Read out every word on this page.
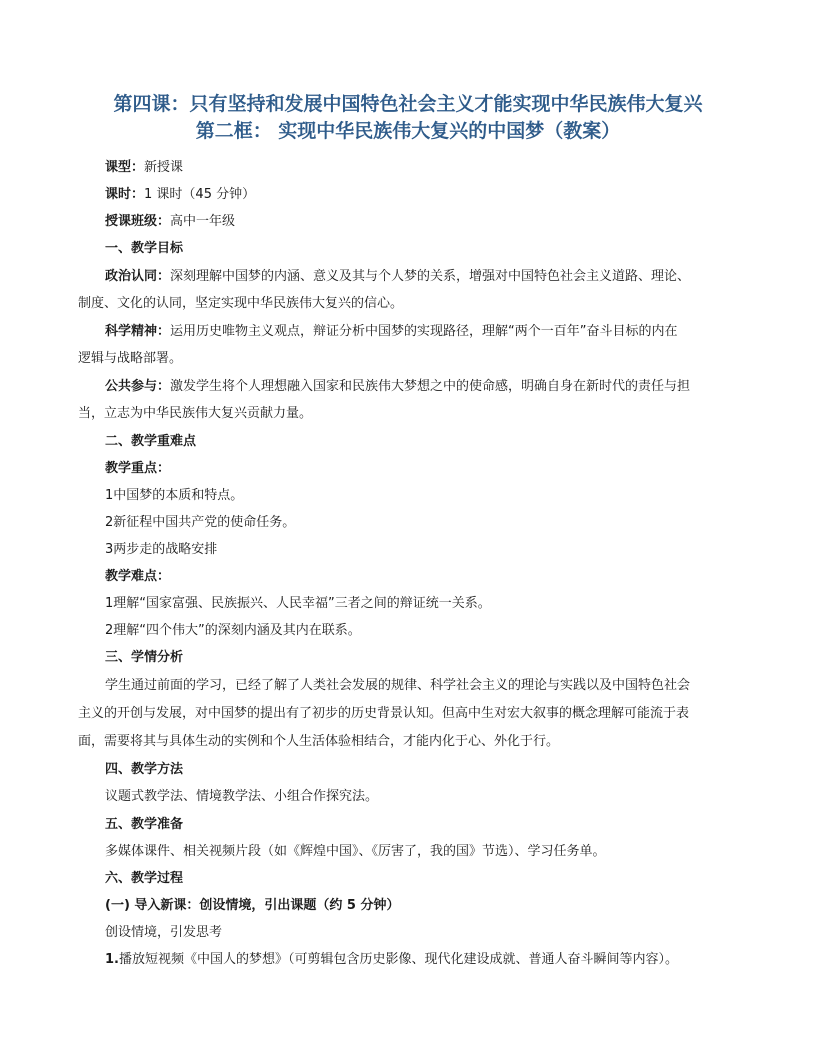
第四课：只有坚持和发展中国特色社会主义才能实现中华民族伟大复兴
第二框： 实现中华民族伟大复兴的中国梦（教案）
课型：新授课
课时：1 课时（45 分钟）
授课班级：高中一年级
一、教学目标
政治认同：深刻理解中国梦的内涵、意义及其与个人梦的关系，增强对中国特色社会主义道路、理论、
制度、文化的认同，坚定实现中华民族伟大复兴的信心。
科学精神：运用历史唯物主义观点，辩证分析中国梦的实现路径，理解“两个一百年”奋斗目标的内在
逻辑与战略部署。
公共参与：激发学生将个人理想融入国家和民族伟大梦想之中的使命感，明确自身在新时代的责任与担
当，立志为中华民族伟大复兴贡献力量。
二、教学重难点
教学重点：
1中国梦的本质和特点。
2新征程中国共产党的使命任务。
3两步走的战略安排
教学难点：
1理解“国家富强、民族振兴、人民幸福”三者之间的辩证统一关系。
2理解“四个伟大”的深刻内涵及其内在联系。
三、学情分析
学生通过前面的学习，已经了解了人类社会发展的规律、科学社会主义的理论与实践以及中国特色社会
主义的开创与发展，对中国梦的提出有了初步的历史背景认知。但高中生对宏大叙事的概念理解可能流于表
面，需要将其与具体生动的实例和个人生活体验相结合，才能内化于心、外化于行。
四、教学方法
议题式教学法、情境教学法、小组合作探究法。
五、教学准备
多媒体课件、相关视频片段（如《辉煌中国》、《厉害了，我的国》节选）、学习任务单。
六、教学过程
(一) 导入新课：创设情境，引出课题（约 5 分钟）
创设情境，引发思考
1.播放短视频《中国人的梦想》（可剪辑包含历史影像、现代化建设成就、普通人奋斗瞬间等内容）。
